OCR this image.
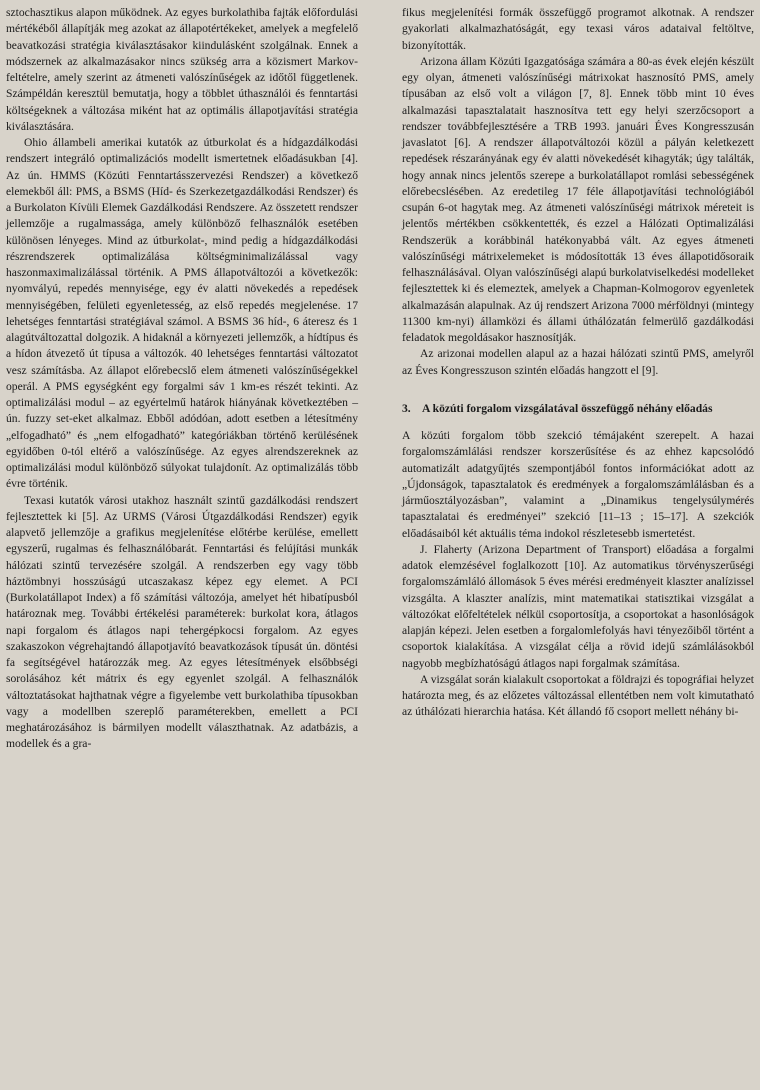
sztochasztikus alapon működnek. Az egyes burkolathiba fajták előfordulási mértékéből állapítják meg azokat az állapotértékeket, amelyek a megfelelő beavatkozási stratégia kiválasztásakor kiindulásként szolgálnak. Ennek a módszernek az alkalmazásakor nincs szükség arra a közismert Markov-feltételre, amely szerint az átmeneti valószínűségek az időtől függetlenek. Számpéldán keresztül bemutatja, hogy a többlet úthasználói és fenntartási költségeknek a változása miként hat az optimális állapotjavítási stratégia kiválasztására.

Ohio állambeli amerikai kutatók az útburkolat és a hídgazdálkodási rendszert integráló optimalizációs modellt ismertetnek előadásukban [4]. Az ún. HMMS (Közúti Fenntartásszervezési Rendszer) a következő elemekből áll: PMS, a BSMS (Híd- és Szerkezetgazdálkodási Rendszer) és a Burkolaton Kívüli Elemek Gazdálkodási Rendszere. Az összetett rendszer jellemzője a rugalmassága, amely különböző felhasználók esetében különösen lényeges. Mind az útburkolat-, mind pedig a hídgazdálkodási részrendszerek optimalizálása költségminimalizálással vagy haszonmaximalizálással történik. A PMS állapotváltozói a következők: nyomvályú, repedés mennyisége, egy év alatti növekedés a repedések mennyiségében, felületi egyenletesség, az első repedés megjelenése. 17 lehetséges fenntartási stratégiával számol. A BSMS 36 híd-, 6 áteresz és 1 alagútváltozattal dolgozik. A hidaknál a környezeti jellemzők, a hídtípus és a hídon átvezető út típusa a változók. 40 lehetséges fenntartási változatot vesz számításba. Az állapot előrebecslő elem átmeneti valószínűségekkel operál. A PMS egységként egy forgalmi sáv 1 km-es részét tekinti. Az optimalizálási modul – az egyértelmű határok hiányának következtében – ún. fuzzy set-eket alkalmaz. Ebből adódóan, adott esetben a létesítmény „elfogadható” és „nem elfogadható” kategóriákban történő kerülésének egyidőben 0-tól eltérő a valószínűsége. Az egyes alrendszereknek az optimalizálási modul különböző súlyokat tulajdonít. Az optimalizálás több évre történik.

Texasi kutatók városi utakhoz használt szintű gazdálkodási rendszert fejlesztettek ki [5]. Az URMS (Városi Útgazdálkodási Rendszer) egyik alapvető jellemzője a grafikus megjelenítése előtérbe kerülése, emellett egyszerű, rugalmas és felhasználóbarát. Fenntartási és felújítási munkák hálózati szintű tervezésére szolgál. A rendszerben egy vagy több háztömbnyi hosszúságú utcaszakasz képez egy elemet. A PCI (Burkolatállapot Index) a fő számítási változója, amelyet hét hibatípusból határoznak meg. További értékelési paraméterek: burkolat kora, átlagos napi forgalom és átlagos napi tehergépkocsi forgalom. Az egyes szakaszokon végrehajtandó állapotjavító beavatkozások típusát ún. döntési fa segítségével határozzák meg. Az egyes létesítmények elsőbbségi sorolásához két mátrix és egy egyenlet szolgál. A felhasználók változtatásokat hajthatnak végre a figyelembe vett burkolathiba típusokban vagy a modellben szereplő paraméterekben, emellett a PCI meghatározásához is bármilyen modellt választhatnak. Az adatbázis, a modellek és a gra-

fikus megjelenítési formák összefüggő programot alkotnak. A rendszer gyakorlati alkalmazhatóságát, egy texasi város adataival feltöltve, bizonyították.

Arizona állam Közúti Igazgatósága számára a 80-as évek elején készült egy olyan, átmeneti valószínűségi mátrixokat hasznosító PMS, amely típusában az első volt a világon [7, 8]. Ennek több mint 10 éves alkalmazási tapasztalatait hasznosítva tett egy helyi szerzőcsoport a rendszer továbbfejlesztésére a TRB 1993. januári Éves Kongresszusán javaslatot [6]. A rendszer állapotváltozói közül a pályán keletkezett repedések részarányának egy év alatti növekedését kihagyták; úgy találták, hogy annak nincs jelentős szerepe a burkolatállapot romlási sebességének előrebecslésében. Az eredetileg 17 féle állapotjavítási technológiából csupán 6-ot hagytak meg. Az átmeneti valószínűségi mátrixok méreteit is jelentős mértékben csökkentették, és ezzel a Hálózati Optimalizálási Rendszerük a korábbinál hatékonyabbá vált. Az egyes átmeneti valószínűségi mátrixelemeket is módosították 13 éves állapotidősoraik felhasználásával. Olyan valószínűségi alapú burkolatviselkedési modelleket fejlesztettek ki és elemeztek, amelyek a Chapman-Kolmogorov egyenletek alkalmazásán alapulnak. Az új rendszert Arizona 7000 mérföldnyi (mintegy 11300 km-nyi) államközi és állami úthálózatán felmerülő gazdálkodási feladatok megoldásakor hasznosítják.

Az arizonai modellen alapul az a hazai hálózati szintű PMS, amelyről az Éves Kongresszuson szintén előadás hangzott el [9].

3. A közúti forgalom vizsgálatával összefüggő néhány előadás

A közúti forgalom több szekció témájaként szerepelt. A hazai forgalomszámlálási rendszer korszerűsítése és az ehhez kapcsolódó automatizált adatgyűjtés szempontjából fontos információkat adott az „Újdonságok, tapasztalatok és eredmények a forgalomszámlálásban és a járműosztályozásban”, valamint a „Dinamikus tengelysúlymérés tapasztalatai és eredményei” szekció [11–13 ; 15–17]. A szekciók előadásaiból két aktuális téma indokol részletesebb ismertetést.

J. Flaherty (Arizona Department of Transport) előadása a forgalmi adatok elemzésével foglalkozott [10]. Az automatikus törvényszerűségi forgalomszámláló állomások 5 éves mérési eredményeit klaszter analízissel vizsgálta. A klaszter analízis, mint matematikai statisztikai vizsgálat a változókat előfeltételek nélkül csoportosítja, a csoportokat a hasonlóságok alapján képezi. Jelen esetben a forgalomlefolyás havi tényezőiből történt a csoportok kialakítása. A vizsgálat célja a rövid idejű számlálásokból nagyobb megbízhatóságú átlagos napi forgalmak számítása.

A vizsgálat során kialakult csoportokat a földrajzi és topográfiai helyzet határozta meg, és az előzetes változással ellentétben nem volt kimutatható az úthálózati hierarchia hatása. Két állandó fő csoport mellett néhány bi-
